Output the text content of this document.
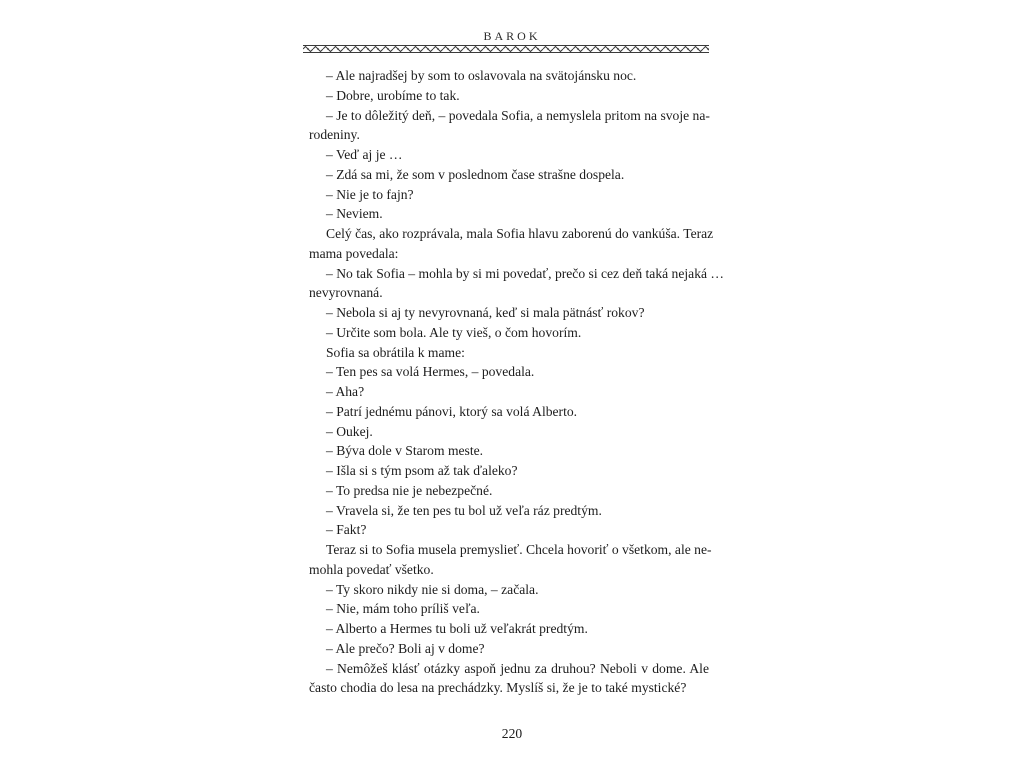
BAROK
– Ale najradšej by som to oslavovala na svätojánsku noc.
– Dobre, urobíme to tak.
– Je to dôležitý deň, – povedala Sofia, a nemyslela pritom na svoje na-
rodeniny.
– Veď aj je …
– Zdá sa mi, že som v poslednom čase strašne dospela.
– Nie je to fajn?
– Neviem.
Celý čas, ako rozprávala, mala Sofia hlavu zaborenú do vankúša. Teraz
mama povedala:
– No tak Sofia – mohla by si mi povedať, prečo si cez deň taká nejaká …
nevyrovnaná.
– Nebola si aj ty nevyrovnaná, keď si mala pätnásť rokov?
– Určite som bola. Ale ty vieš, o čom hovorím.
Sofia sa obrátila k mame:
– Ten pes sa volá Hermes, – povedala.
– Aha?
– Patrí jednému pánovi, ktorý sa volá Alberto.
– Oukej.
– Býva dole v Starom meste.
– Išla si s tým psom až tak ďaleko?
– To predsa nie je nebezpečné.
– Vravela si, že ten pes tu bol už veľa ráz predtým.
– Fakt?
Teraz si to Sofia musela premyslieť. Chcela hovoriť o všetkom, ale ne-
mohla povedať všetko.
– Ty skoro nikdy nie si doma, – začala.
– Nie, mám toho príliš veľa.
– Alberto a Hermes tu boli už veľakrát predtým.
– Ale prečo? Boli aj v dome?
– Nemôžeš klásť otázky aspoň jednu za druhou? Neboli v dome. Ale
často chodia do lesa na prechádzky. Myslíš si, že je to také mystické?
220
